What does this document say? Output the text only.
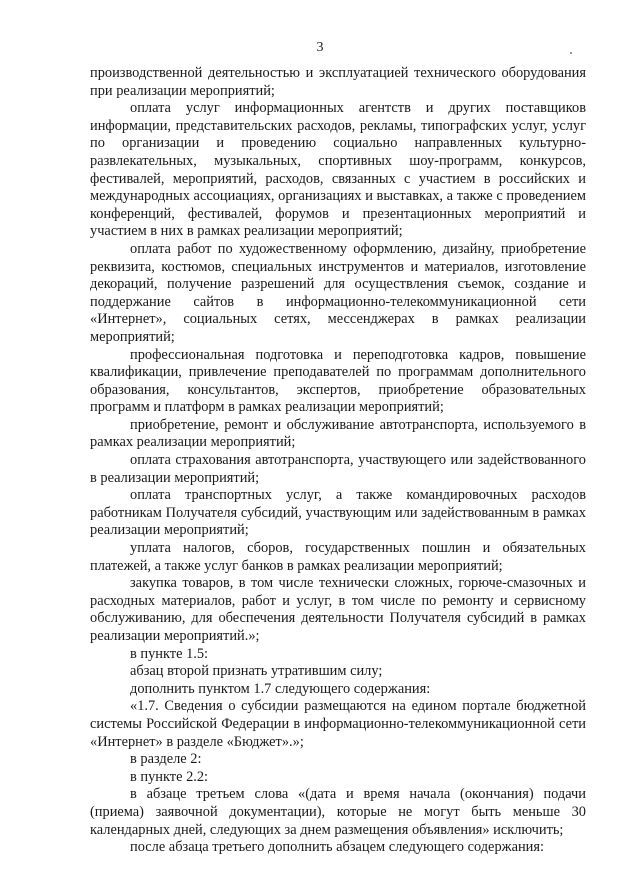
3

производственной деятельностью и эксплуатацией технического оборудования при реализации мероприятий;

оплата услуг информационных агентств и других поставщиков информации, представительских расходов, рекламы, типографских услуг, услуг по организации и проведению социально направленных культурно-развлекательных, музыкальных, спортивных шоу-программ, конкурсов, фестивалей, мероприятий, расходов, связанных с участием в российских и международных ассоциациях, организациях и выставках, а также с проведением конференций, фестивалей, форумов и презентационных мероприятий и участием в них в рамках реализации мероприятий;

оплата работ по художественному оформлению, дизайну, приобретение реквизита, костюмов, специальных инструментов и материалов, изготовление декораций, получение разрешений для осуществления съемок, создание и поддержание сайтов в информационно-телекоммуникационной сети «Интернет», социальных сетях, мессенджерах в рамках реализации мероприятий;

профессиональная подготовка и переподготовка кадров, повышение квалификации, привлечение преподавателей по программам дополнительного образования, консультантов, экспертов, приобретение образовательных программ и платформ в рамках реализации мероприятий;

приобретение, ремонт и обслуживание автотранспорта, используемого в рамках реализации мероприятий;

оплата страхования автотранспорта, участвующего или задействованного в реализации мероприятий;

оплата транспортных услуг, а также командировочных расходов работникам Получателя субсидий, участвующим или задействованным в рамках реализации мероприятий;

уплата налогов, сборов, государственных пошлин и обязательных платежей, а также услуг банков в рамках реализации мероприятий;

закупка товаров, в том числе технически сложных, горюче-смазочных и расходных материалов, работ и услуг, в том числе по ремонту и сервисному обслуживанию, для обеспечения деятельности Получателя субсидий в рамках реализации мероприятий.»;

в пункте 1.5:

абзац второй признать утратившим силу;

дополнить пунктом 1.7 следующего содержания:

«1.7. Сведения о субсидии размещаются на едином портале бюджетной системы Российской Федерации в информационно-телекоммуникационной сети «Интернет» в разделе «Бюджет».»;

в разделе 2:

в пункте 2.2:

в абзаце третьем слова «(дата и время начала (окончания) подачи (приема) заявочной документации), которые не могут быть меньше 30 календарных дней, следующих за днем размещения объявления» исключить;

после абзаца третьего дополнить абзацем следующего содержания:
